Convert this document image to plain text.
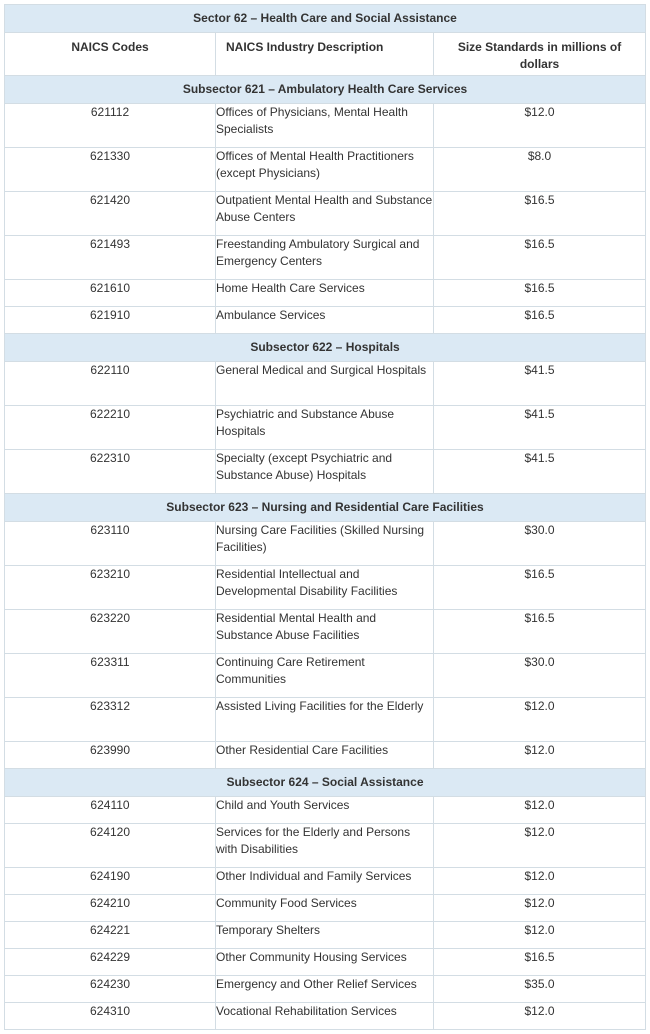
Sector 62 – Health Care and Social Assistance		
NAICS Codes	NAICS Industry Description	Size Standards in millions of dollars
Subsector 621 – Ambulatory Health Care Services		
621112	Offices of Physicians, Mental Health Specialists	$12.0
621330	Offices of Mental Health Practitioners (except Physicians)	$8.0
621420	Outpatient Mental Health and Substance Abuse Centers	$16.5
621493	Freestanding Ambulatory Surgical and Emergency Centers	$16.5
621610	Home Health Care Services	$16.5
621910	Ambulance Services	$16.5
Subsector 622 – Hospitals		
622110	General Medical and Surgical Hospitals	$41.5
622210	Psychiatric and Substance Abuse Hospitals	$41.5
622310	Specialty (except Psychiatric and Substance Abuse) Hospitals	$41.5
Subsector 623 – Nursing and Residential Care Facilities		
623110	Nursing Care Facilities (Skilled Nursing Facilities)	$30.0
623210	Residential Intellectual and Developmental Disability Facilities	$16.5
623220	Residential Mental Health and Substance Abuse Facilities	$16.5
623311	Continuing Care Retirement Communities	$30.0
623312	Assisted Living Facilities for the Elderly	$12.0
623990	Other Residential Care Facilities	$12.0
Subsector 624 – Social Assistance		
624110	Child and Youth Services	$12.0
624120	Services for the Elderly and Persons with Disabilities	$12.0
624190	Other Individual and Family Services	$12.0
624210	Community Food Services	$12.0
624221	Temporary Shelters	$12.0
624229	Other Community Housing Services	$16.5
624230	Emergency and Other Relief Services	$35.0
624310	Vocational Rehabilitation Services	$12.0
